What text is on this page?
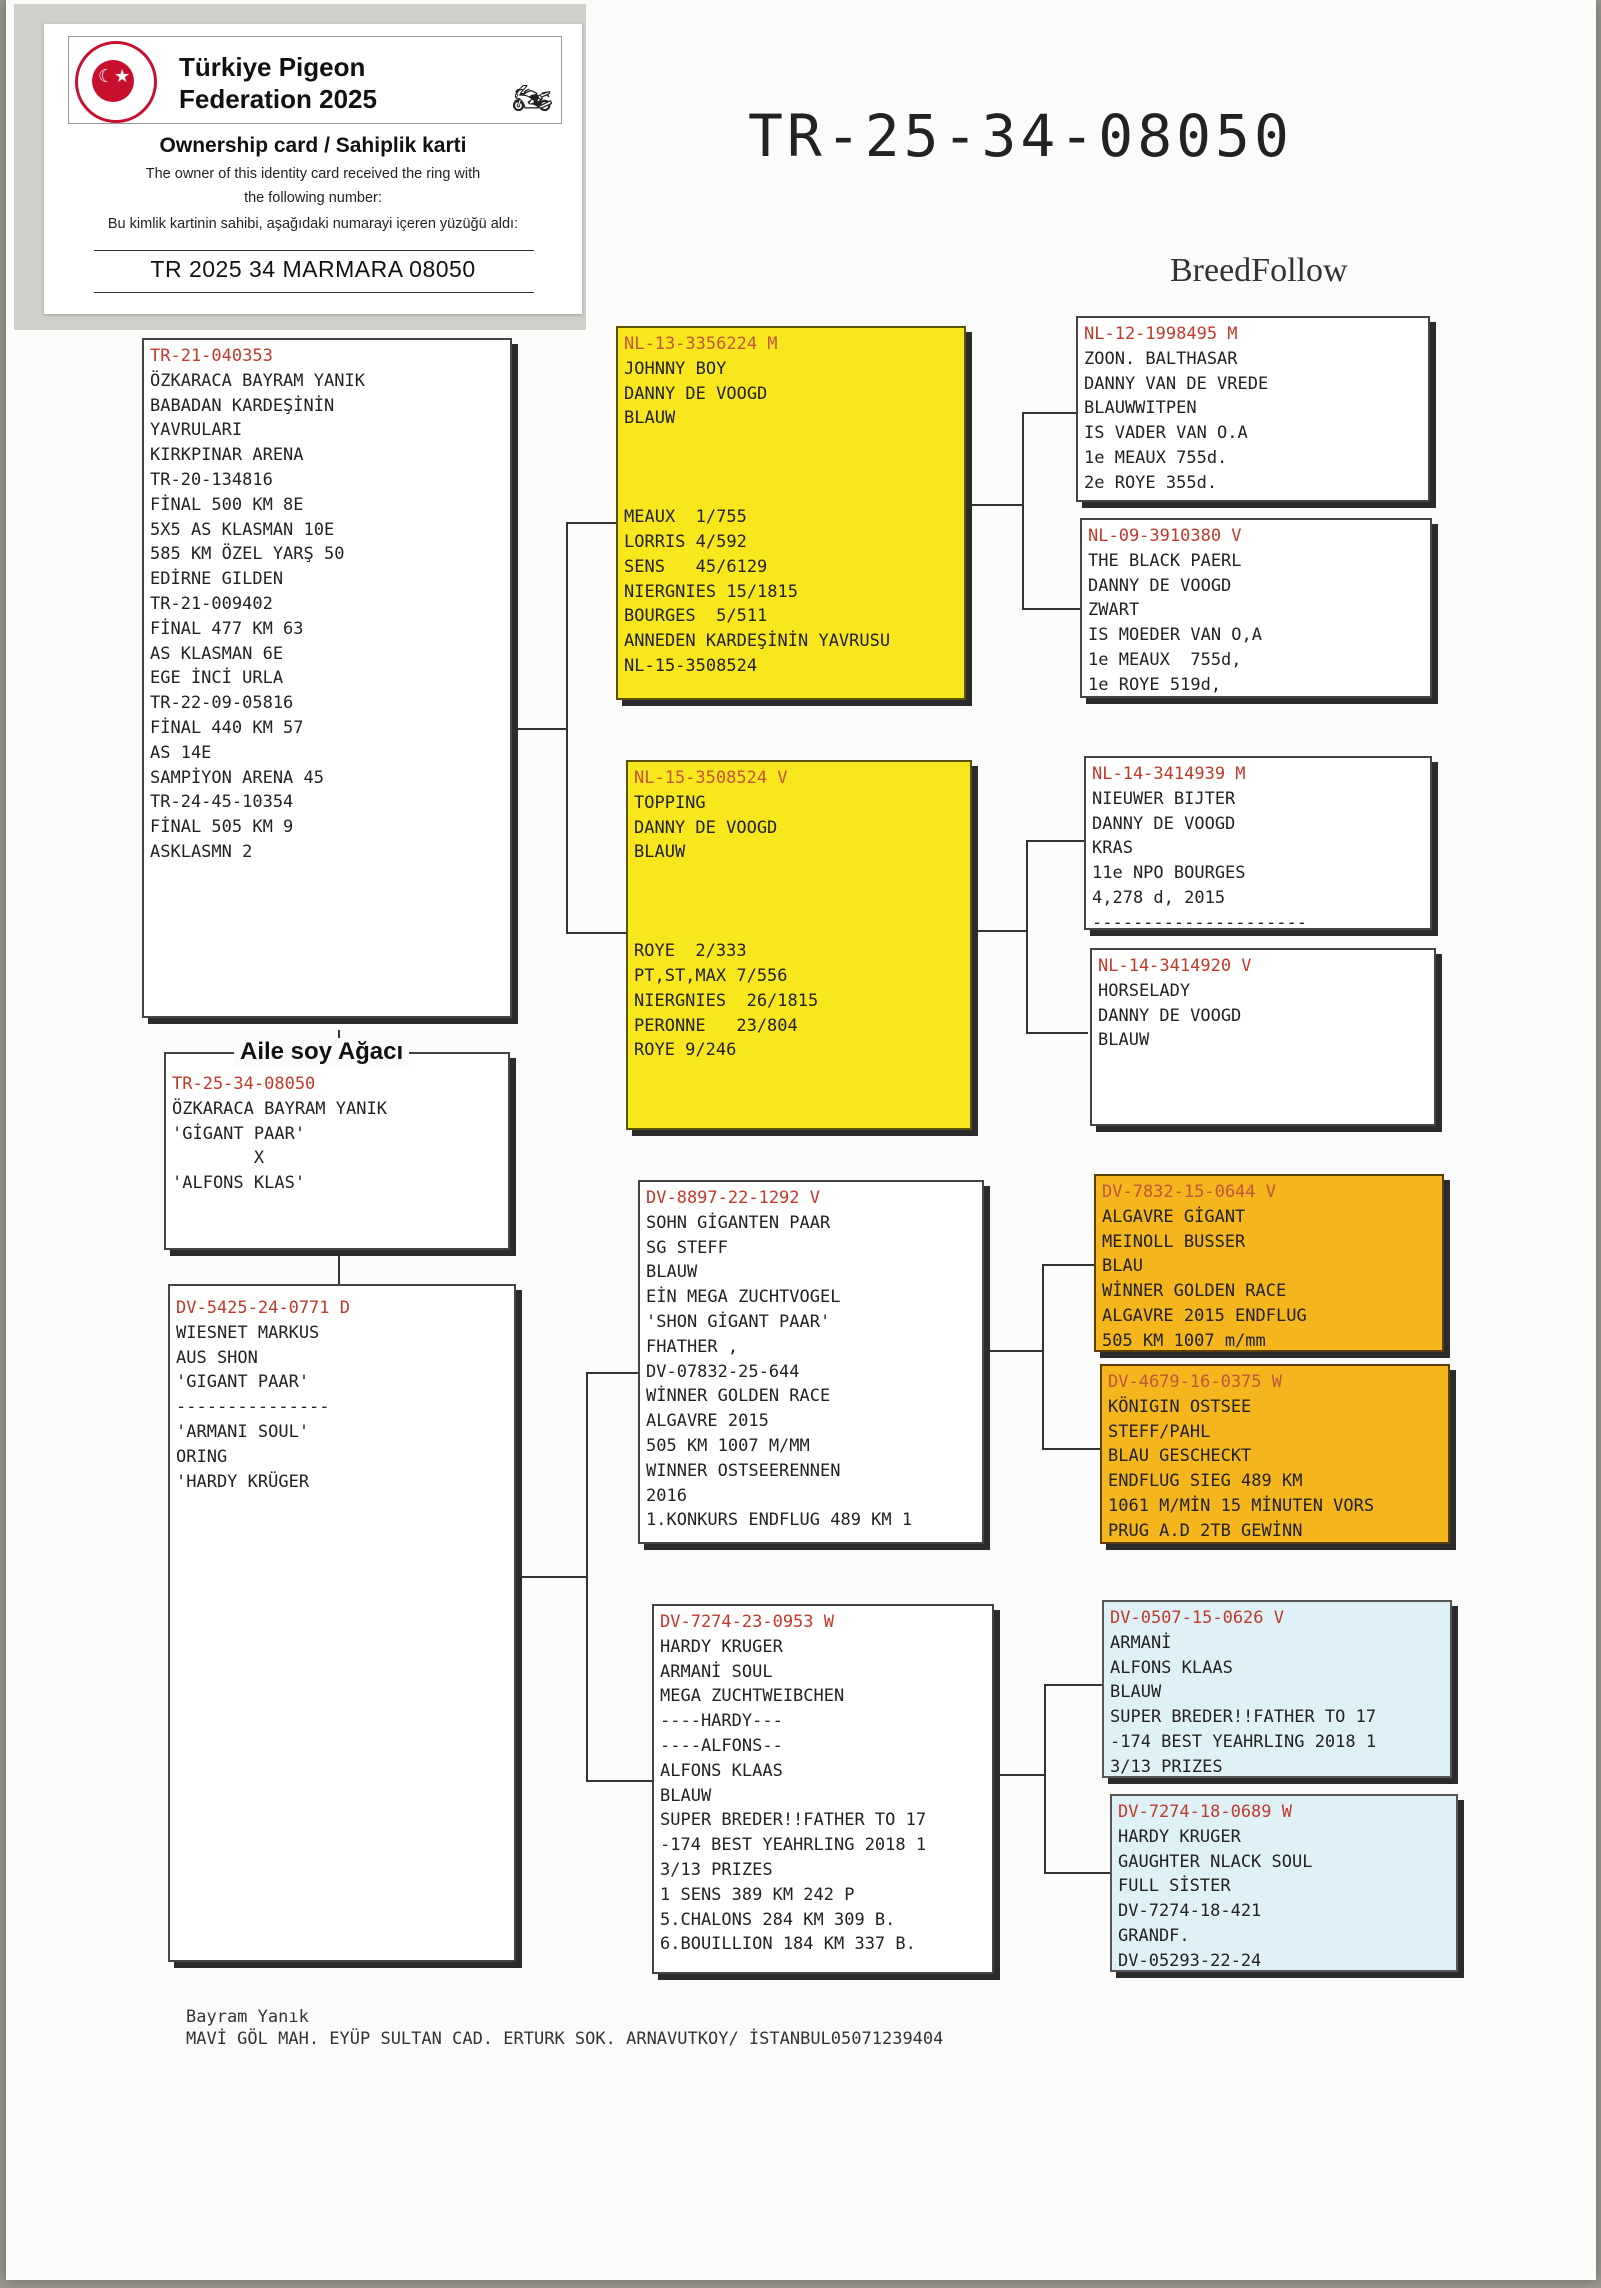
☾★
Türkiye Pigeon
Federation 2025	🏍
Ownership card / Sahiplik karti
The owner of this identity card received the ring with
the following number:
Bu kimlik kartinin sahibi, aşağıdaki numarayi içeren yüzüğü aldı:
TR 2025 34 MARMARA 08050
TR-25-34-08050
BreedFollow
TR-21-040353
ÖZKARACA BAYRAM YANIK
BABADAN KARDEŞİNİN
YAVRULARI
KIRKPINAR ARENA
TR-20-134816
FİNAL 500 KM 8E
5X5 AS KLASMAN 10E
585 KM ÖZEL YARŞ 50
EDİRNE GILDEN
TR-21-009402
FİNAL 477 KM 63
AS KLASMAN 6E
EGE İNCİ URLA
TR-22-09-05816
FİNAL 440 KM 57
AS 14E
SAMPİYON ARENA 45
TR-24-45-10354
FİNAL 505 KM 9
ASKLASMN 2
TR-25-34-08050
ÖZKARACA BAYRAM YANIK
'GİGANT PAAR'
X
'ALFONS KLAS'
Aile soy Ağacı
DV-5425-24-0771 D
WIESNET MARKUS
AUS SHON
'GIGANT PAAR'
---------------
'ARMANI SOUL'
ORING
'HARDY KRÜGER
NL-13-3356224 M
JOHNNY BOY
DANNY DE VOOGD
BLAUW
MEAUX  1/755
LORRIS 4/592
SENS   45/6129
NIERGNIES 15/1815
BOURGES  5/511
ANNEDEN KARDEŞİNİN YAVRUSU
NL-15-3508524
NL-15-3508524 V
TOPPING
DANNY DE VOOGD
BLAUW
ROYE  2/333
PT,ST,MAX 7/556
NIERGNIES  26/1815
PERONNE   23/804
ROYE 9/246
DV-8897-22-1292 V
SOHN GİGANTEN PAAR
SG STEFF
BLAUW
EİN MEGA ZUCHTVOGEL
'SHON GİGANT PAAR'
FHATHER ,
DV-07832-25-644
WİNNER GOLDEN RACE
ALGAVRE 2015
505 KM 1007 M/MM
WINNER OSTSEERENNEN
2016
1.KONKURS ENDFLUG 489 KM 1
DV-7274-23-0953 W
HARDY KRUGER
ARMANİ SOUL
MEGA ZUCHTWEIBCHEN
----HARDY---
----ALFONS--
ALFONS KLAAS
BLAUW
SUPER BREDER!!FATHER TO 17
-174 BEST YEAHRLING 2018 1
3/13 PRIZES
1 SENS 389 KM 242 P
5.CHALONS 284 KM 309 B.
6.BOUILLION 184 KM 337 B.
NL-12-1998495 M
ZOON. BALTHASAR
DANNY VAN DE VREDE
BLAUWWITPEN
IS VADER VAN O.A
1e MEAUX 755d.
2e ROYE 355d.
NL-09-3910380 V
THE BLACK PAERL
DANNY DE VOOGD
ZWART
IS MOEDER VAN O,A
1e MEAUX  755d,
1e ROYE 519d,
NL-14-3414939 M
NIEUWER BIJTER
DANNY DE VOOGD
KRAS
11e NPO BOURGES
4,278 d, 2015
---------------------
NL-14-3414920 V
HORSELADY
DANNY DE VOOGD
BLAUW
DV-7832-15-0644 V
ALGAVRE GİGANT
MEINOLL BUSSER
BLAU
WİNNER GOLDEN RACE
ALGAVRE 2015 ENDFLUG
505 KM 1007 m/mm
DV-4679-16-0375 W
KÖNIGIN OSTSEE
STEFF/PAHL
BLAU GESCHECKT
ENDFLUG SIEG 489 KM
1061 M/MİN 15 MİNUTEN VORS
PRUG A.D 2TB GEWİNN
DV-0507-15-0626 V
ARMANİ
ALFONS KLAAS
BLAUW
SUPER BREDER!!FATHER TO 17
-174 BEST YEAHRLING 2018 1
3/13 PRIZES
DV-7274-18-0689 W
HARDY KRUGER
GAUGHTER NLACK SOUL
FULL SİSTER
DV-7274-18-421
GRANDF.
DV-05293-22-24
Bayram Yanık
MAVİ GÖL MAH. EYÜP SULTAN CAD. ERTURK SOK. ARNAVUTKOY/ İSTANBUL05071239404
